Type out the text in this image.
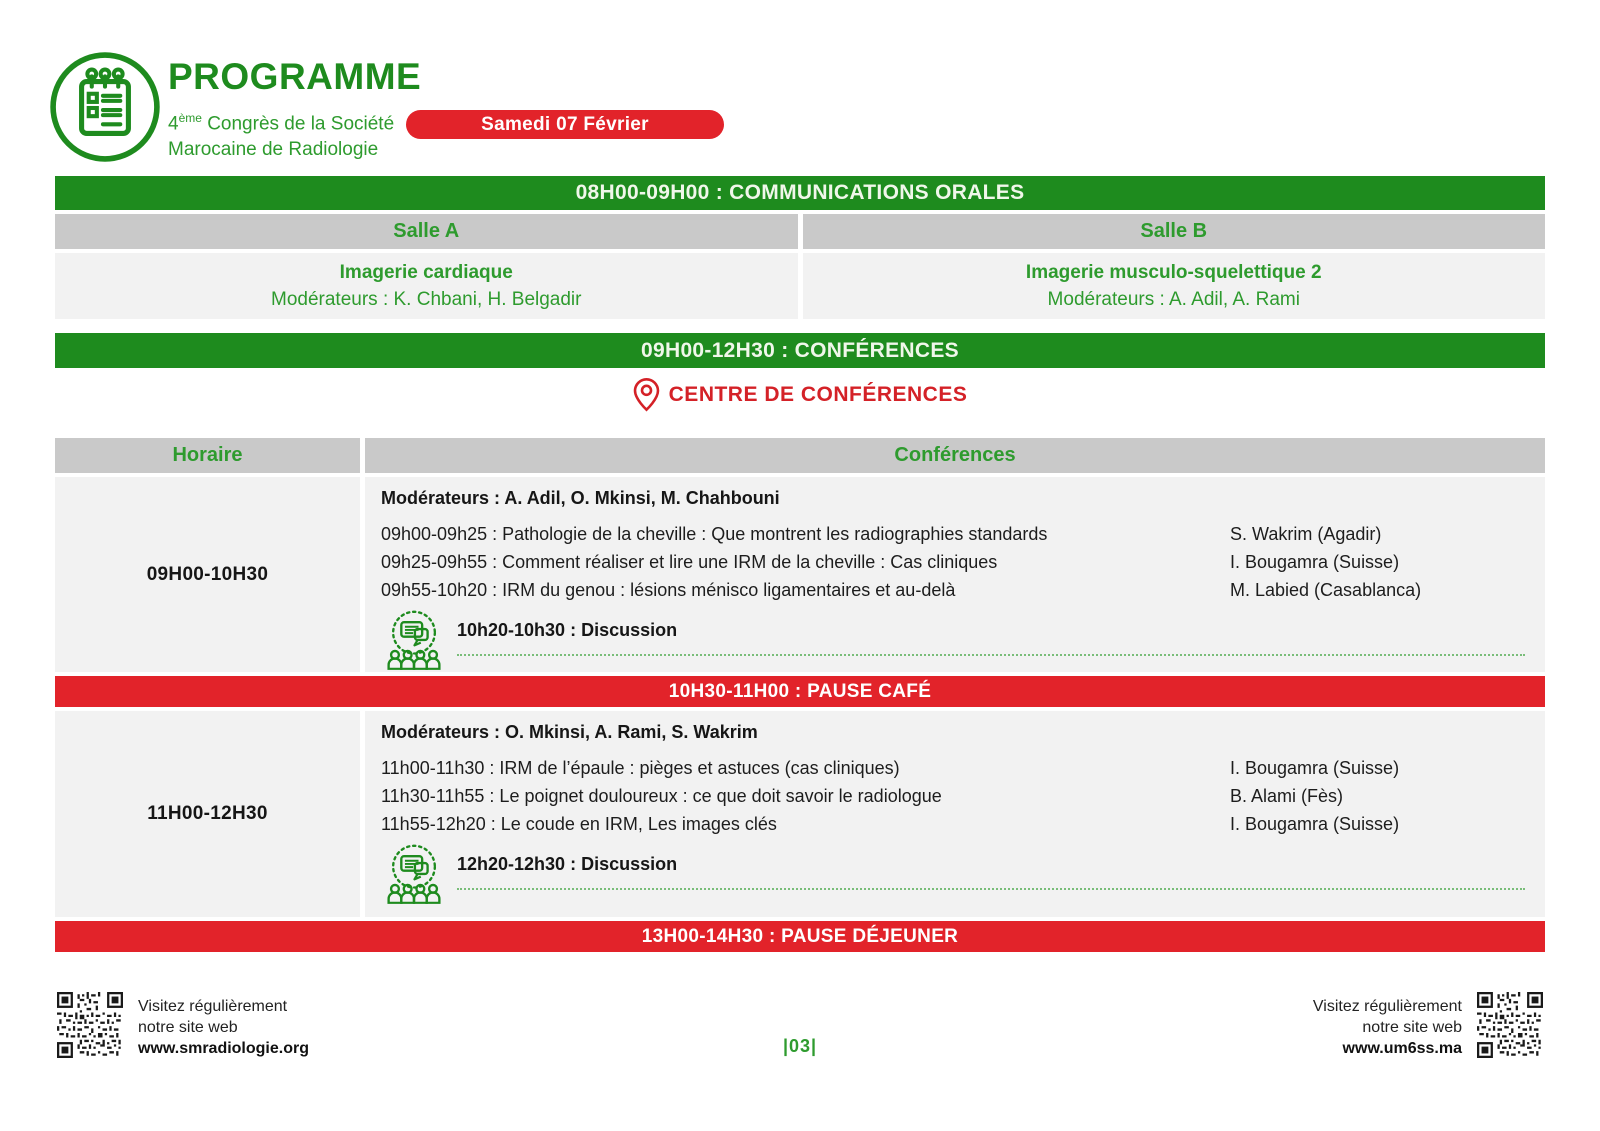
PROGRAMME
4ème Congrès de la Société
Marocaine de Radiologie
Samedi 07 Février
08H00-09H00 : COMMUNICATIONS ORALES
Salle A	Salle B
Imagerie cardiaque
Modérateurs : K. Chbani, H. Belgadir
Imagerie musculo-squelettique 2
Modérateurs : A. Adil, A. Rami
09H00-12H30 : CONFÉRENCES
CENTRE DE CONFÉRENCES
Horaire	Conférences
09H00-10H30
Modérateurs : A. Adil, O. Mkinsi, M. Chahbouni
09h00-09h25 : Pathologie de la cheville : Que montrent les radiographies standards	S. Wakrim (Agadir)
09h25-09h55 : Comment réaliser et lire une IRM de la cheville : Cas cliniques	I. Bougamra (Suisse)
09h55-10h20 : IRM du genou : lésions ménisco ligamentaires et au-delà	M. Labied (Casablanca)
10h20-10h30 : Discussion
10H30-11H00 : PAUSE CAFÉ
11H00-12H30
Modérateurs : O. Mkinsi, A. Rami, S. Wakrim
11h00-11h30 : IRM de l’épaule : pièges et astuces (cas cliniques)	I. Bougamra (Suisse)
11h30-11h55 : Le poignet douloureux : ce que doit savoir le radiologue	B. Alami (Fès)
11h55-12h20 : Le coude en IRM, Les images clés	I. Bougamra (Suisse)
12h20-12h30 : Discussion
13H00-14H30 : PAUSE DÉJEUNER
Visitez régulièrement
notre site web
www.smradiologie.org
Visitez régulièrement
notre site web
www.um6ss.ma
|03|
